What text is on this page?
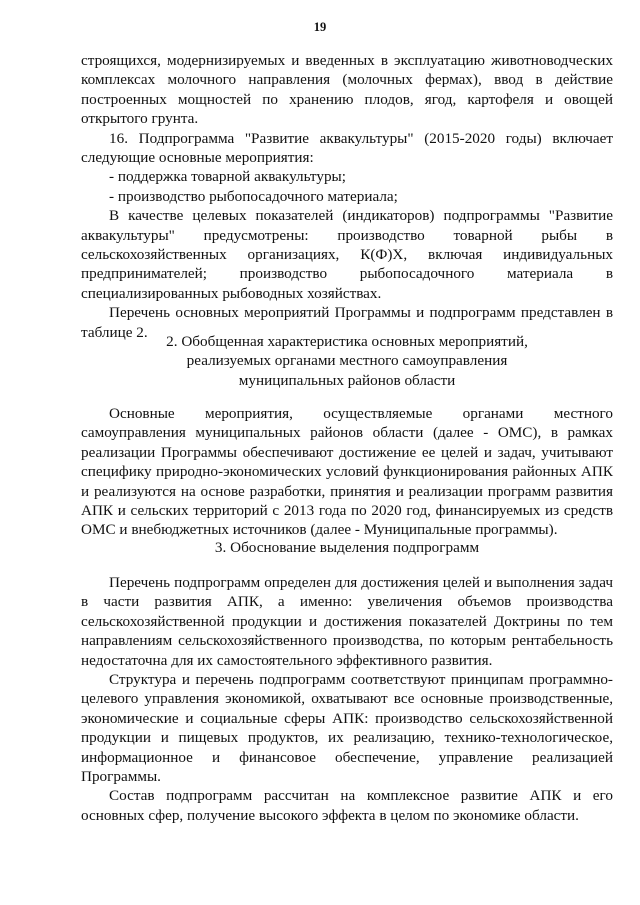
19

строящихся, модернизируемых и введенных в эксплуатацию животноводческих комплексах молочного направления (молочных фермах), ввод в действие построенных мощностей по хранению плодов, ягод, картофеля и овощей открытого грунта.

16. Подпрограмма "Развитие аквакультуры" (2015-2020 годы) включает следующие основные мероприятия:

- поддержка товарной аквакультуры;

- производство рыбопосадочного материала;

В качестве целевых показателей (индикаторов) подпрограммы "Развитие аквакультуры" предусмотрены: производство товарной рыбы в сельскохозяйственных организациях, К(Ф)Х, включая индивидуальных предпринимателей; производство рыбопосадочного материала в специализированных рыбоводных хозяйствах.

Перечень основных мероприятий Программы и подпрограмм представлен в таблице 2.

2. Обобщенная характеристика основных мероприятий,

реализуемых органами местного самоуправления

муниципальных районов области

Основные мероприятия, осуществляемые органами местного самоуправления муниципальных районов области (далее - ОМС), в рамках реализации Программы обеспечивают достижение ее целей и задач, учитывают специфику природно-экономических условий функционирования районных АПК и реализуются на основе разработки, принятия и реализации программ развития АПК и сельских территорий с 2013 года по 2020 год, финансируемых из средств ОМС и внебюджетных источников (далее - Муниципальные программы).

3. Обоснование выделения подпрограмм

Перечень подпрограмм определен для достижения целей и выполнения задач в части развития АПК, а именно: увеличения объемов производства сельскохозяйственной продукции и достижения показателей Доктрины по тем направлениям сельскохозяйственного производства, по которым рентабельность недостаточна для их самостоятельного эффективного развития.

Структура и перечень подпрограмм соответствуют принципам программно-целевого управления экономикой, охватывают все основные производственные, экономические и социальные сферы АПК: производство сельскохозяйственной продукции и пищевых продуктов, их реализацию, технико-технологическое, информационное и финансовое обеспечение, управление реализацией Программы.

Состав подпрограмм рассчитан на комплексное развитие АПК и его основных сфер, получение высокого эффекта в целом по экономике области.
